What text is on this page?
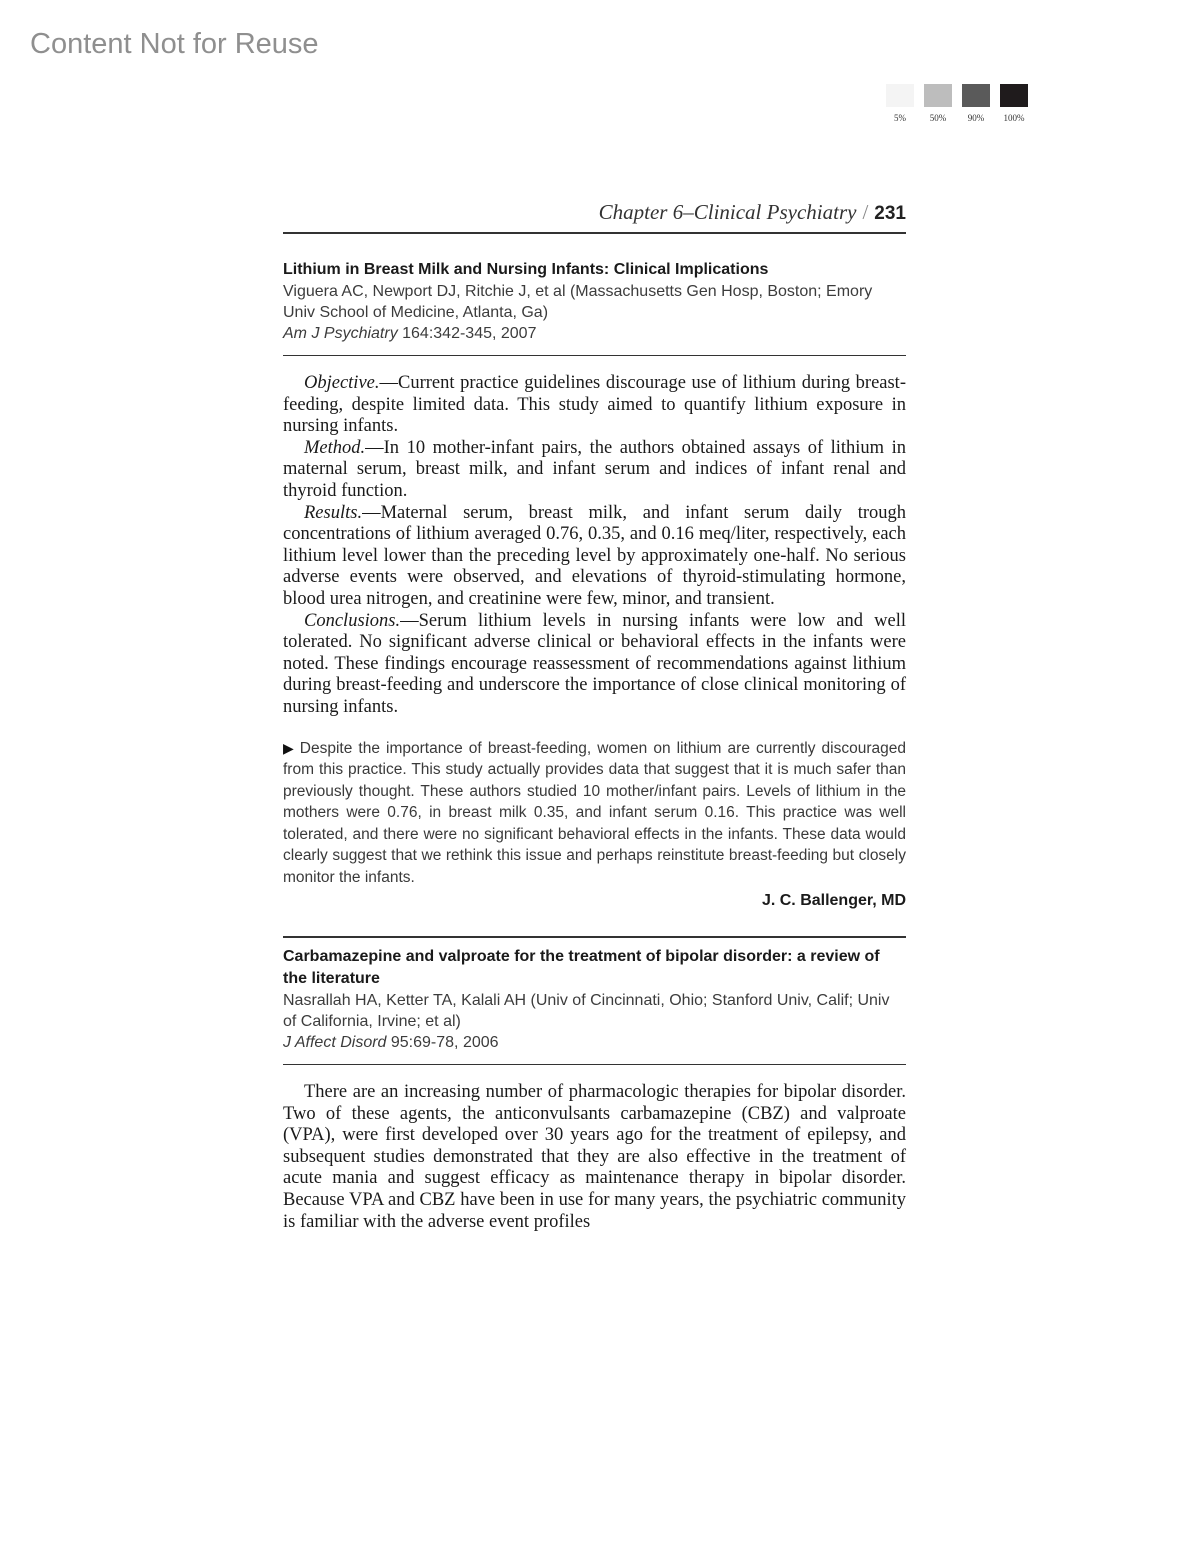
Content Not for Reuse
5%	50%	90%	100%
Chapter 6–Clinical Psychiatry / 231
Lithium in Breast Milk and Nursing Infants: Clinical Implications
Viguera AC, Newport DJ, Ritchie J, et al (Massachusetts Gen Hosp, Boston; Emory Univ School of Medicine, Atlanta, Ga)
Am J Psychiatry 164:342-345, 2007

Objective.—Current practice guidelines discourage use of lithium during breast-feeding, despite limited data. This study aimed to quantify lithium exposure in nursing infants.

Method.—In 10 mother-infant pairs, the authors obtained assays of lithium in maternal serum, breast milk, and infant serum and indices of infant renal and thyroid function.

Results.—Maternal serum, breast milk, and infant serum daily trough concentrations of lithium averaged 0.76, 0.35, and 0.16 meq/liter, respectively, each lithium level lower than the preceding level by approximately one-half. No serious adverse events were observed, and elevations of thyroid-stimulating hormone, blood urea nitrogen, and creatinine were few, minor, and transient.

Conclusions.—Serum lithium levels in nursing infants were low and well tolerated. No significant adverse clinical or behavioral effects in the infants were noted. These findings encourage reassessment of recommendations against lithium during breast-feeding and underscore the importance of close clinical monitoring of nursing infants.

▶ Despite the importance of breast-feeding, women on lithium are currently discouraged from this practice. This study actually provides data that suggest that it is much safer than previously thought. These authors studied 10 mother/infant pairs. Levels of lithium in the mothers were 0.76, in breast milk 0.35, and infant serum 0.16. This practice was well tolerated, and there were no significant behavioral effects in the infants. These data would clearly suggest that we rethink this issue and perhaps reinstitute breast-feeding but closely monitor the infants.

J. C. Ballenger, MD
Carbamazepine and valproate for the treatment of bipolar disorder: a review of the literature
Nasrallah HA, Ketter TA, Kalali AH (Univ of Cincinnati, Ohio; Stanford Univ, Calif; Univ of California, Irvine; et al)
J Affect Disord 95:69-78, 2006

There are an increasing number of pharmacologic therapies for bipolar disorder. Two of these agents, the anticonvulsants carbamazepine (CBZ) and valproate (VPA), were first developed over 30 years ago for the treatment of epilepsy, and subsequent studies demonstrated that they are also effective in the treatment of acute mania and suggest efficacy as maintenance therapy in bipolar disorder. Because VPA and CBZ have been in use for many years, the psychiatric community is familiar with the adverse event profiles
